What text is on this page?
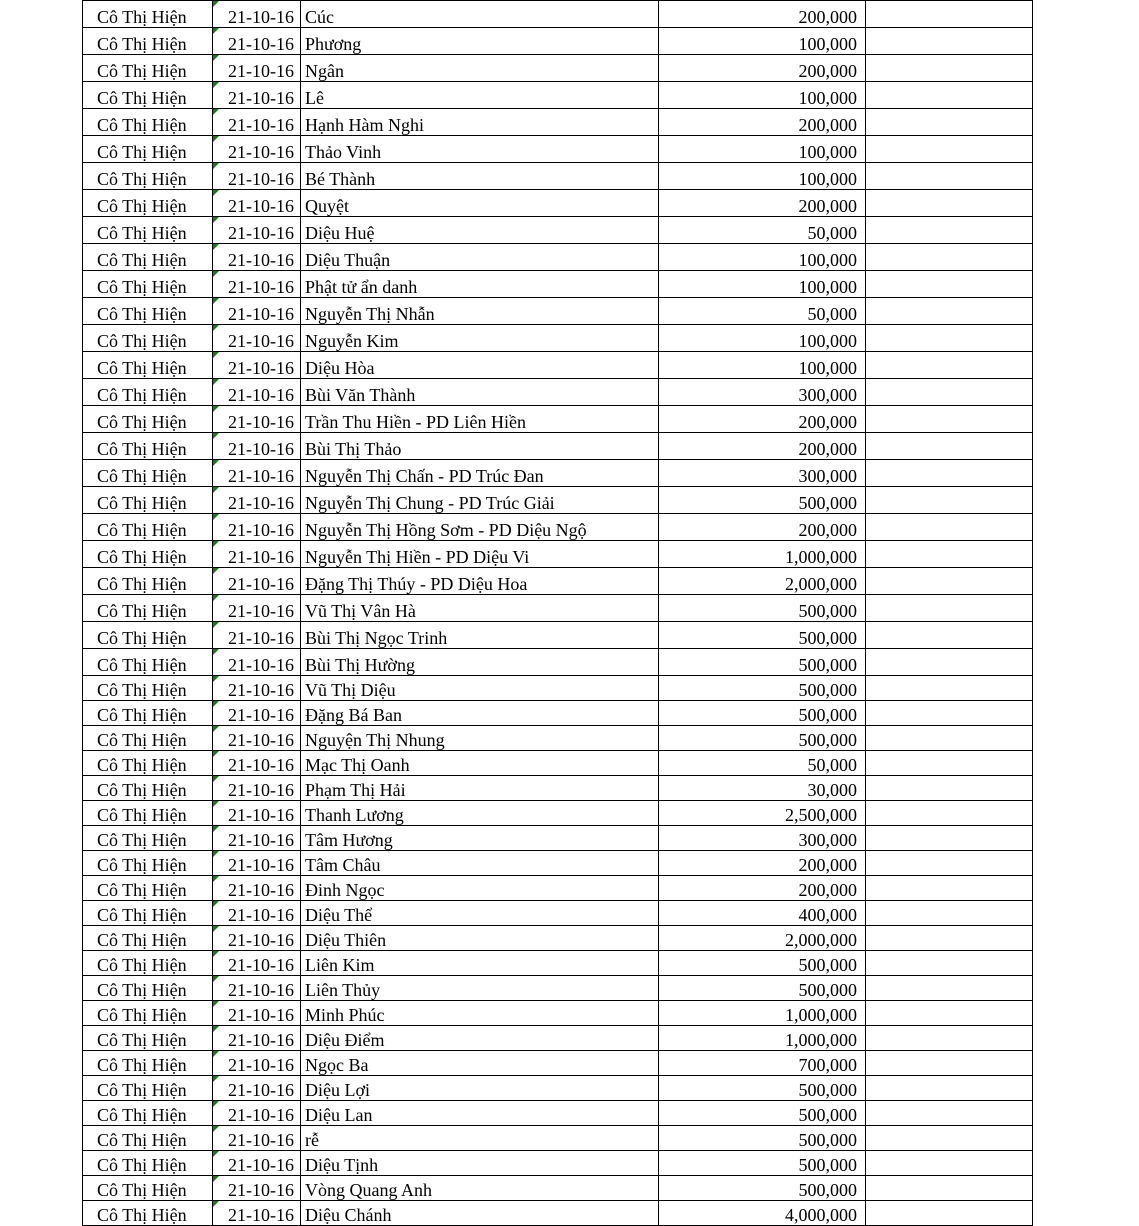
Cô Thị Hiện	21-10-16	Cúc	200,000	
Cô Thị Hiện	21-10-16	Phương	100,000	
Cô Thị Hiện	21-10-16	Ngân	200,000	
Cô Thị Hiện	21-10-16	Lê	100,000	
Cô Thị Hiện	21-10-16	Hạnh Hàm Nghi	200,000	
Cô Thị Hiện	21-10-16	Thảo Vinh	100,000	
Cô Thị Hiện	21-10-16	Bé Thành	100,000	
Cô Thị Hiện	21-10-16	Quyệt	200,000	
Cô Thị Hiện	21-10-16	Diệu Huệ	50,000	
Cô Thị Hiện	21-10-16	Diệu Thuận	100,000	
Cô Thị Hiện	21-10-16	Phật tử ẩn danh	100,000	
Cô Thị Hiện	21-10-16	Nguyễn Thị Nhẫn	50,000	
Cô Thị Hiện	21-10-16	Nguyễn Kim	100,000	
Cô Thị Hiện	21-10-16	Diệu Hòa	100,000	
Cô Thị Hiện	21-10-16	Bùi Văn Thành	300,000	
Cô Thị Hiện	21-10-16	Trần Thu Hiền - PD Liên Hiền	200,000	
Cô Thị Hiện	21-10-16	Bùi Thị Thảo	200,000	
Cô Thị Hiện	21-10-16	Nguyễn Thị Chấn - PD Trúc Đan	300,000	
Cô Thị Hiện	21-10-16	Nguyễn Thị Chung - PD Trúc Giải	500,000	
Cô Thị Hiện	21-10-16	Nguyễn Thị Hồng Sơm - PD Diệu Ngộ	200,000	
Cô Thị Hiện	21-10-16	Nguyễn Thị Hiền - PD Diệu Vi	1,000,000	
Cô Thị Hiện	21-10-16	Đặng Thị Thúy - PD Diệu Hoa	2,000,000	
Cô Thị Hiện	21-10-16	Vũ Thị Vân Hà	500,000	
Cô Thị Hiện	21-10-16	Bùi Thị Ngọc Trinh	500,000	
Cô Thị Hiện	21-10-16	Bùi Thị Hường	500,000	
Cô Thị Hiện	21-10-16	Vũ Thị Diệu	500,000	
Cô Thị Hiện	21-10-16	Đặng Bá Ban	500,000	
Cô Thị Hiện	21-10-16	Nguyện Thị Nhung	500,000	
Cô Thị Hiện	21-10-16	Mạc Thị Oanh	50,000	
Cô Thị Hiện	21-10-16	Phạm Thị Hải	30,000	
Cô Thị Hiện	21-10-16	Thanh Lương	2,500,000	
Cô Thị Hiện	21-10-16	Tâm Hương	300,000	
Cô Thị Hiện	21-10-16	Tâm Châu	200,000	
Cô Thị Hiện	21-10-16	Đinh Ngọc	200,000	
Cô Thị Hiện	21-10-16	Diệu Thể	400,000	
Cô Thị Hiện	21-10-16	Diệu Thiên	2,000,000	
Cô Thị Hiện	21-10-16	Liên Kim	500,000	
Cô Thị Hiện	21-10-16	Liên Thủy	500,000	
Cô Thị Hiện	21-10-16	Minh Phúc	1,000,000	
Cô Thị Hiện	21-10-16	Diệu Điểm	1,000,000	
Cô Thị Hiện	21-10-16	Ngọc Ba	700,000	
Cô Thị Hiện	21-10-16	Diệu Lợi	500,000	
Cô Thị Hiện	21-10-16	Diệu Lan	500,000	
Cô Thị Hiện	21-10-16	rễ	500,000	
Cô Thị Hiện	21-10-16	Diệu Tịnh	500,000	
Cô Thị Hiện	21-10-16	Vòng Quang Anh	500,000	
Cô Thị Hiện	21-10-16	Diệu Chánh	4,000,000	
